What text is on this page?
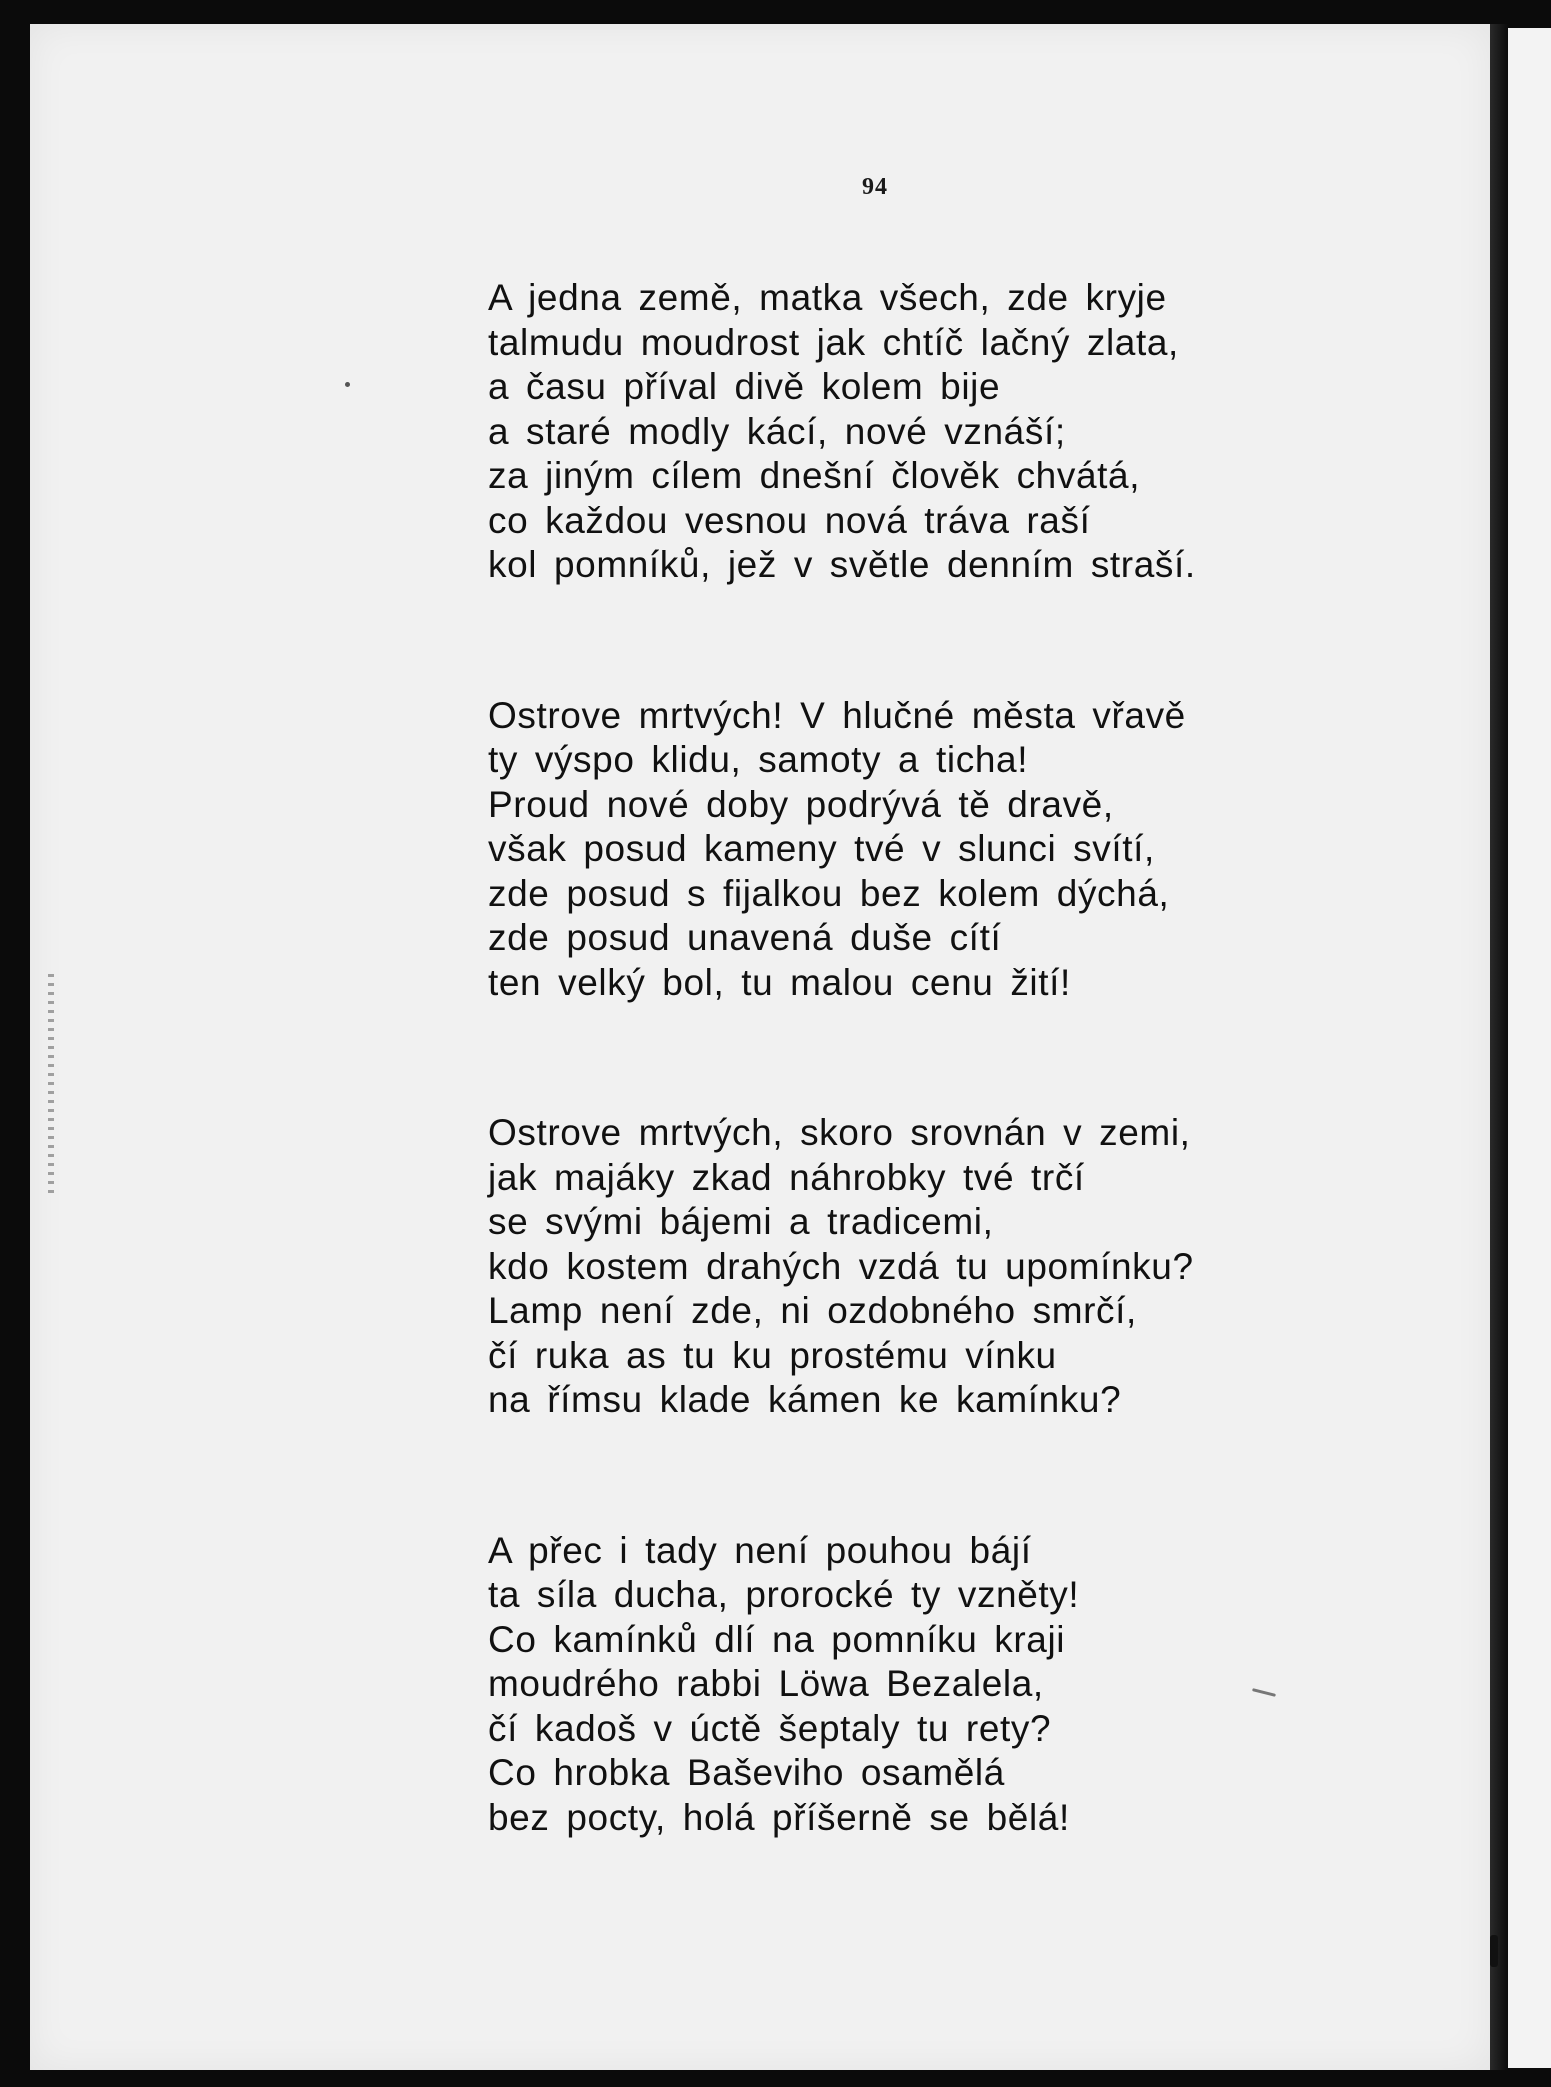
94
A jedna země, matka všech, zde kryje
talmudu moudrost jak chtíč lačný zlata,
a času příval divě kolem bije
a staré modly kácí, nové vznáší;
za jiným cílem dnešní člověk chvátá,
co každou vesnou nová tráva raší
kol pomníků, jež v světle denním straší.
Ostrove mrtvých! V hlučné města vřavě
ty výspo klidu, samoty a ticha!
Proud nové doby podrývá tě dravě,
však posud kameny tvé v slunci svítí,
zde posud s fijalkou bez kolem dýchá,
zde posud unavená duše cítí
ten velký bol, tu malou cenu žití!
Ostrove mrtvých, skoro srovnán v zemi,
jak majáky zkad náhrobky tvé trčí
se svými bájemi a tradicemi,
kdo kostem drahých vzdá tu upomínku?
Lamp není zde, ni ozdobného smrčí,
čí ruka as tu ku prostému vínku
na římsu klade kámen ke kamínku?
A přec i tady není pouhou bájí
ta síla ducha, prorocké ty vzněty!
Co kamínků dlí na pomníku kraji
moudrého rabbi Löwa Bezalela,
čí kadoš v úctě šeptaly tu rety?
Co hrobka Baševiho osamělá
bez pocty, holá příšerně se bělá!
